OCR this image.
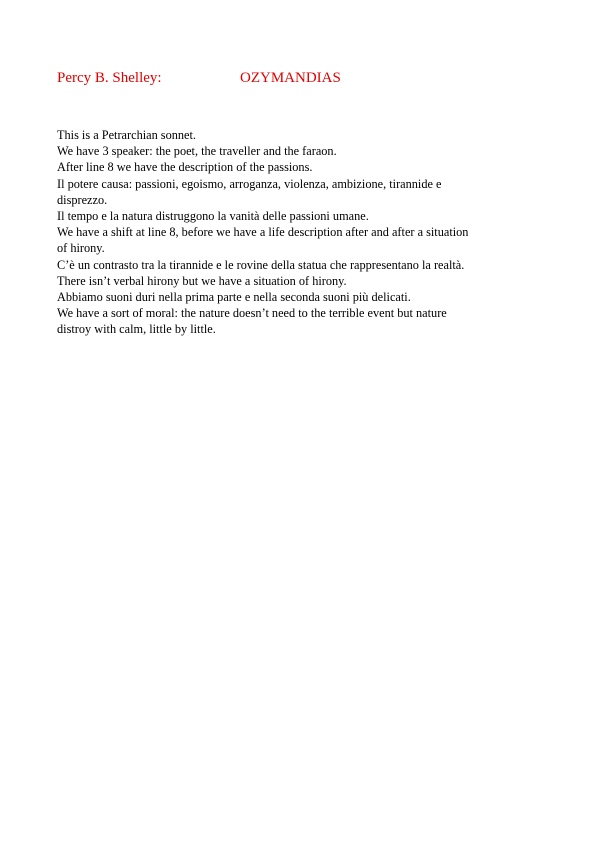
Percy B. Shelley:	OZYMANDIAS
This is a Petrarchian sonnet.
We have 3 speaker: the poet, the traveller and the faraon.
After line 8 we have the description of the passions.
Il potere causa: passioni, egoismo, arroganza, violenza, ambizione, tirannide e
disprezzo.
Il tempo e la natura distruggono la vanità delle passioni umane.
We have a shift at line 8, before we have a life description after and after a situation
of hirony.
C’è un contrasto tra la tirannide e le rovine della statua che rappresentano la realtà.
There isn’t verbal hirony but we have a situation of hirony.
Abbiamo suoni duri nella prima parte e nella seconda suoni più delicati.
We have a sort of moral: the nature doesn’t need to the terrible event but nature
distroy with calm, little by little.
